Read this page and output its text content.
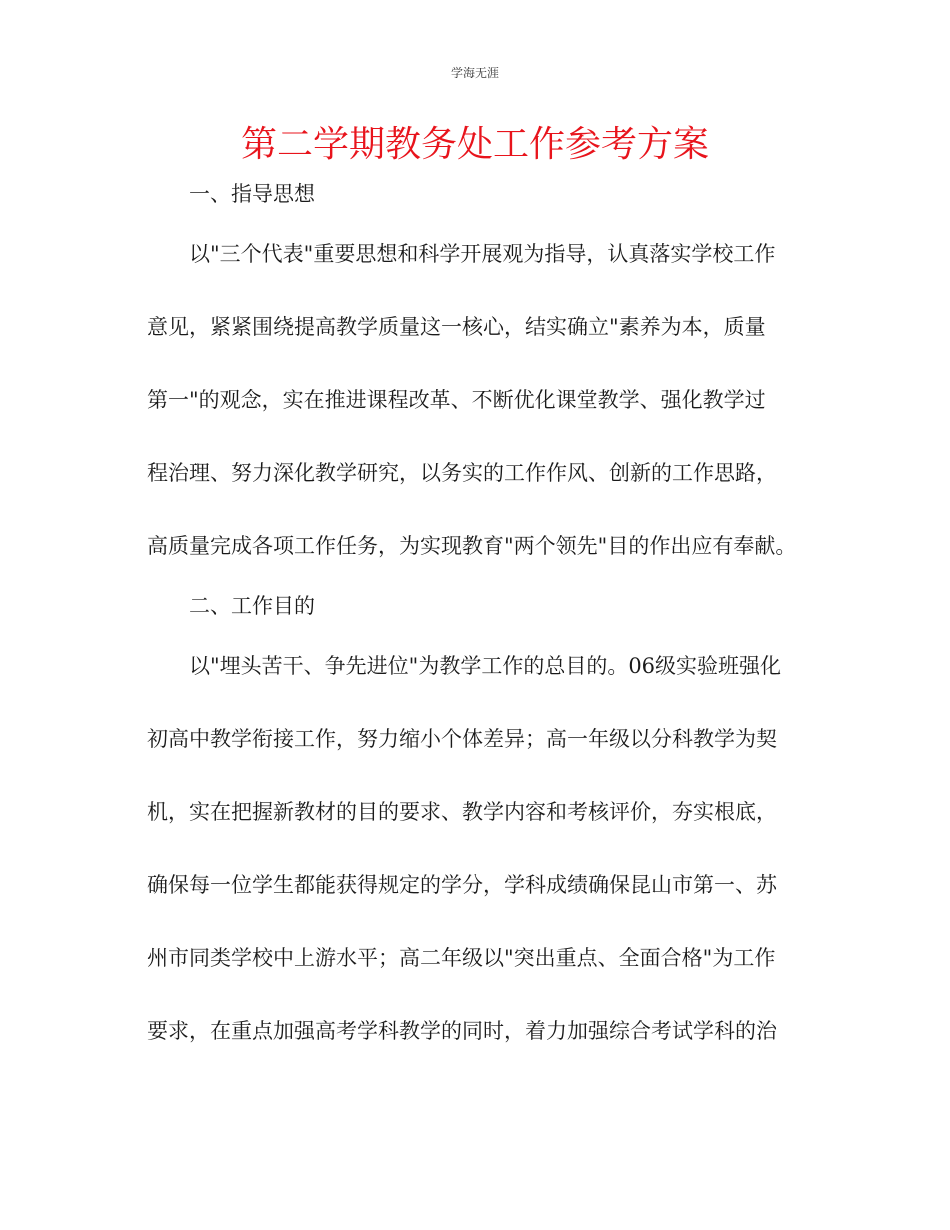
学海无涯
第二学期教务处工作参考方案
一、指导思想
以"三个代表"重要思想和科学开展观为指导，认真落实学校工作
意见，紧紧围绕提高教学质量这一核心，结实确立"素养为本，质量
第一"的观念，实在推进课程改革、不断优化课堂教学、强化教学过
程治理、努力深化教学研究，以务实的工作作风、创新的工作思路，
高质量完成各项工作任务，为实现教育"两个领先"目的作出应有奉献。
二、工作目的
以"埋头苦干、争先进位"为教学工作的总目的。06级实验班强化
初高中教学衔接工作，努力缩小个体差异；高一年级以分科教学为契
机，实在把握新教材的目的要求、教学内容和考核评价，夯实根底，
确保每一位学生都能获得规定的学分，学科成绩确保昆山市第一、苏
州市同类学校中上游水平；高二年级以"突出重点、全面合格"为工作
要求，在重点加强高考学科教学的同时，着力加强综合考试学科的治
